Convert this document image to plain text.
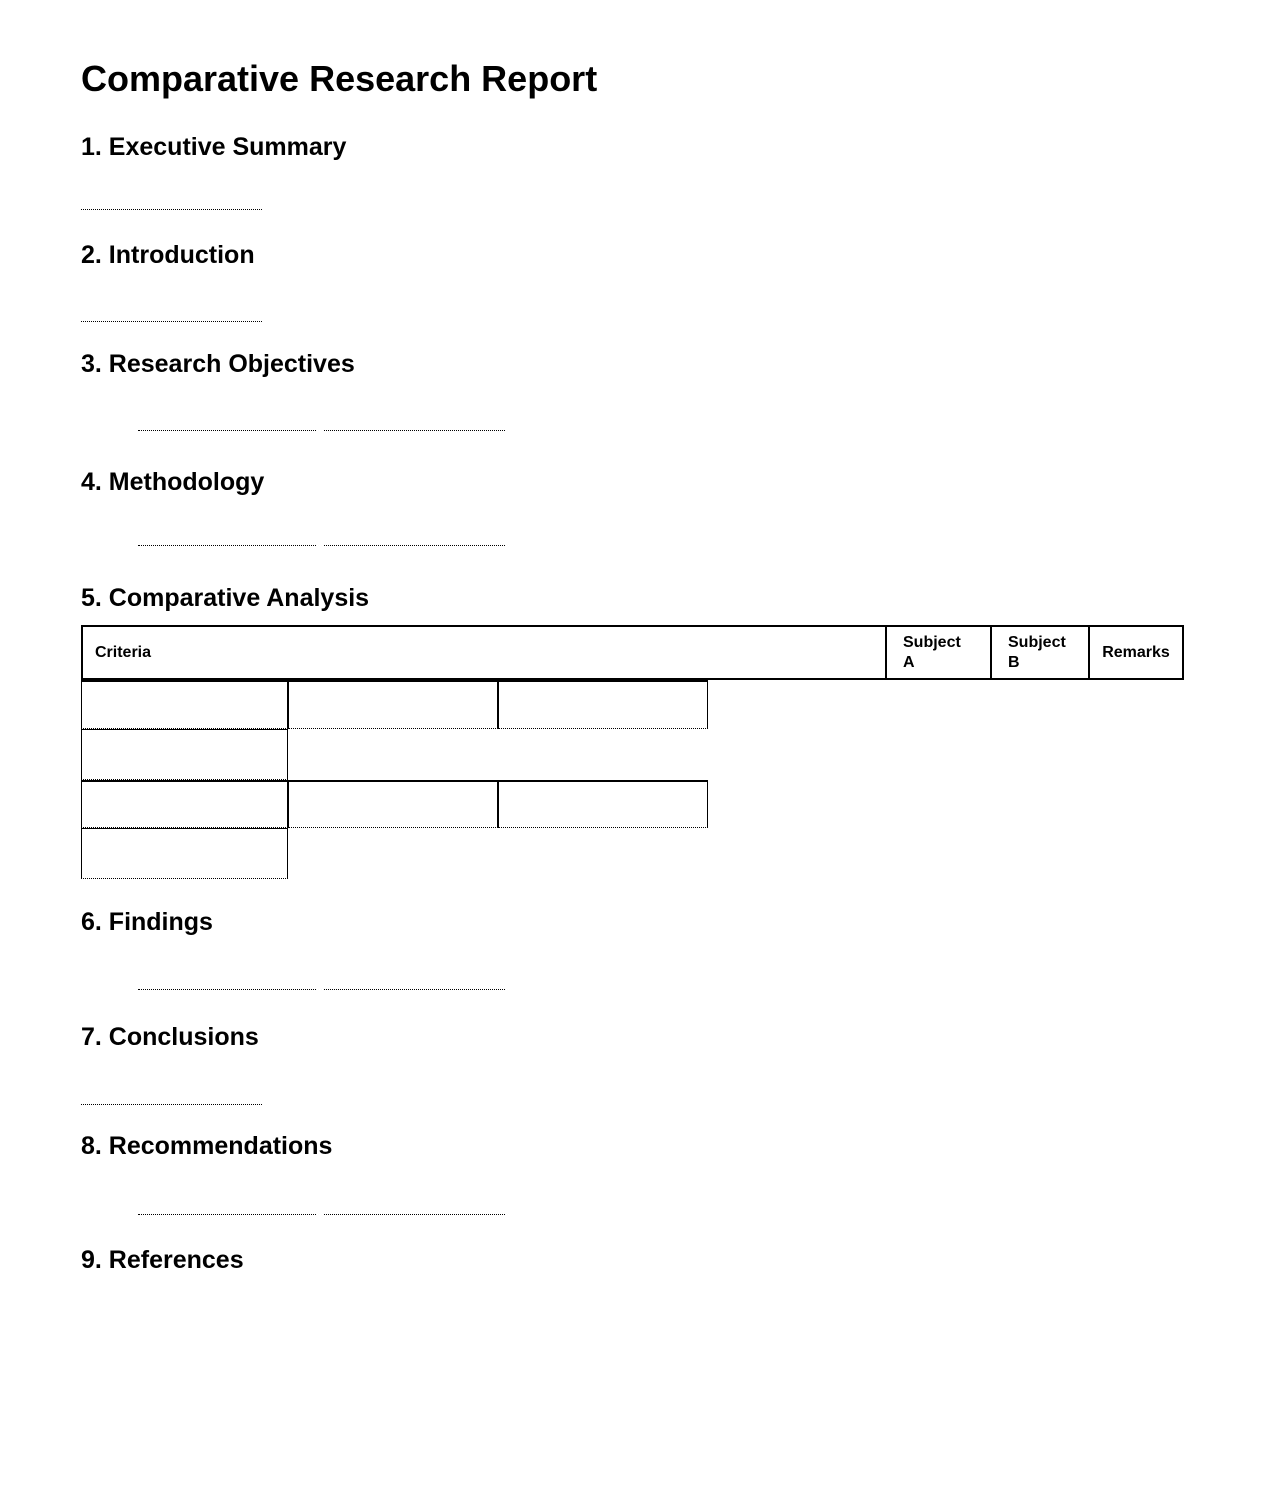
Comparative Research Report
1. Executive Summary
2. Introduction
3. Research Objectives
4. Methodology
5. Comparative Analysis
Criteria	Subject A	Subject B	Remarks
6. Findings
7. Conclusions
8. Recommendations
9. References
